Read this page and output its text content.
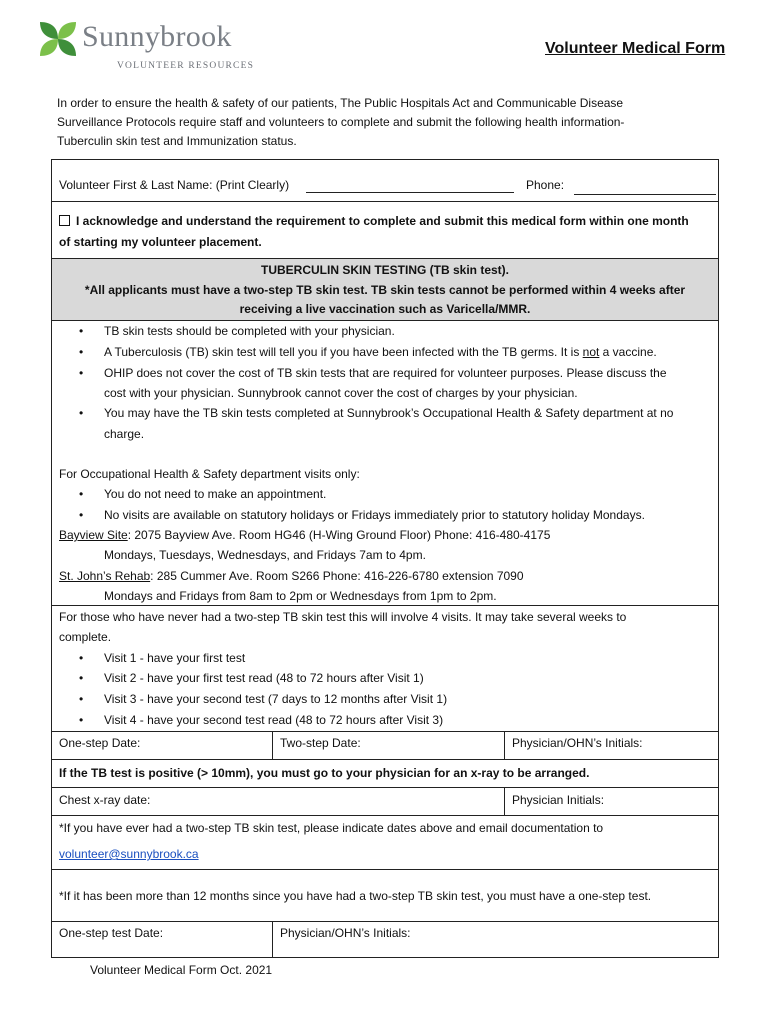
Sunnybrook
VOLUNTEER RESOURCES
Volunteer Medical Form
In order to ensure the health & safety of our patients, The Public Hospitals Act and Communicable Disease
Surveillance Protocols require staff and volunteers to complete and submit the following health information-
Tuberculin skin test and Immunization status.
Volunteer First & Last Name: (Print Clearly)	Phone:
I acknowledge and understand the requirement to complete and submit this medical form within one month
of starting my volunteer placement.
TUBERCULIN SKIN TESTING (TB skin test).
*All applicants must have a two-step TB skin test. TB skin tests cannot be performed within 4 weeks after
receiving a live vaccination such as Varicella/MMR.
• TB skin tests should be completed with your physician.
• A Tuberculosis (TB) skin test will tell you if you have been infected with the TB germs. It is not a vaccine.
• OHIP does not cover the cost of TB skin tests that are required for volunteer purposes. Please discuss the
cost with your physician. Sunnybrook cannot cover the cost of charges by your physician.
• You may have the TB skin tests completed at Sunnybrook’s Occupational Health & Safety department at no
charge.
For Occupational Health & Safety department visits only:
• You do not need to make an appointment.
• No visits are available on statutory holidays or Fridays immediately prior to statutory holiday Mondays.
Bayview Site: 2075 Bayview Ave. Room HG46 (H-Wing Ground Floor) Phone: 416-480-4175
Mondays, Tuesdays, Wednesdays, and Fridays 7am to 4pm.
St. John’s Rehab: 285 Cummer Ave. Room S266 Phone: 416-226-6780 extension 7090
Mondays and Fridays from 8am to 2pm or Wednesdays from 1pm to 2pm.
For those who have never had a two-step TB skin test this will involve 4 visits. It may take several weeks to
complete.
• Visit 1 - have your first test
• Visit 2 - have your first test read (48 to 72 hours after Visit 1)
• Visit 3 - have your second test (7 days to 12 months after Visit 1)
• Visit 4 - have your second test read (48 to 72 hours after Visit 3)
One-step Date:	Two-step Date:	Physician/OHN’s Initials:
If the TB test is positive (> 10mm), you must go to your physician for an x-ray to be arranged.
Chest x-ray date:	Physician Initials:
*If you have ever had a two-step TB skin test, please indicate dates above and email documentation to
volunteer@sunnybrook.ca
*If it has been more than 12 months since you have had a two-step TB skin test, you must have a one-step test.
One-step test Date:	Physician/OHN’s Initials:
Volunteer Medical Form Oct. 2021
